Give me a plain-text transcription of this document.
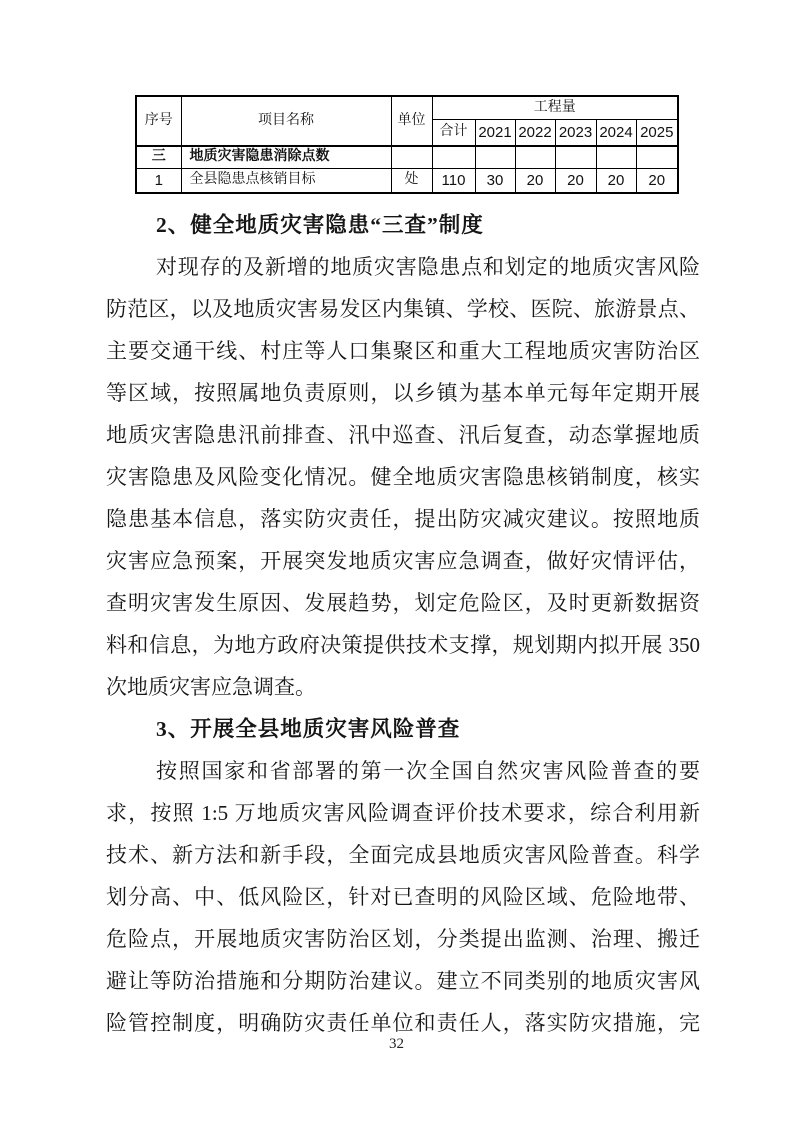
序号	项目名称	单位	工程量					
			合计	2021	2022	2023	2024	2025
三	地质灾害隐患消除点数							
1	全县隐患点核销目标	处	110	30	20	20	20	20
2、健全地质灾害隐患“三查”制度
对现存的及新增的地质灾害隐患点和划定的地质灾害风险
防范区，以及地质灾害易发区内集镇、学校、医院、旅游景点、
主要交通干线、村庄等人口集聚区和重大工程地质灾害防治区
等区域，按照属地负责原则，以乡镇为基本单元每年定期开展
地质灾害隐患汛前排查、汛中巡查、汛后复查，动态掌握地质
灾害隐患及风险变化情况。健全地质灾害隐患核销制度，核实
隐患基本信息，落实防灾责任，提出防灾减灾建议。按照地质
灾害应急预案，开展突发地质灾害应急调查，做好灾情评估，
查明灾害发生原因、发展趋势，划定危险区，及时更新数据资
料和信息，为地方政府决策提供技术支撑，规划期内拟开展 350
次地质灾害应急调查。
3、开展全县地质灾害风险普查
按照国家和省部署的第一次全国自然灾害风险普查的要
求，按照 1:5 万地质灾害风险调查评价技术要求，综合利用新
技术、新方法和新手段，全面完成县地质灾害风险普查。科学
划分高、中、低风险区，针对已查明的风险区域、危险地带、
危险点，开展地质灾害防治区划，分类提出监测、治理、搬迁
避让等防治措施和分期防治建议。建立不同类别的地质灾害风
险管控制度，明确防灾责任单位和责任人，落实防灾措施，完
32
